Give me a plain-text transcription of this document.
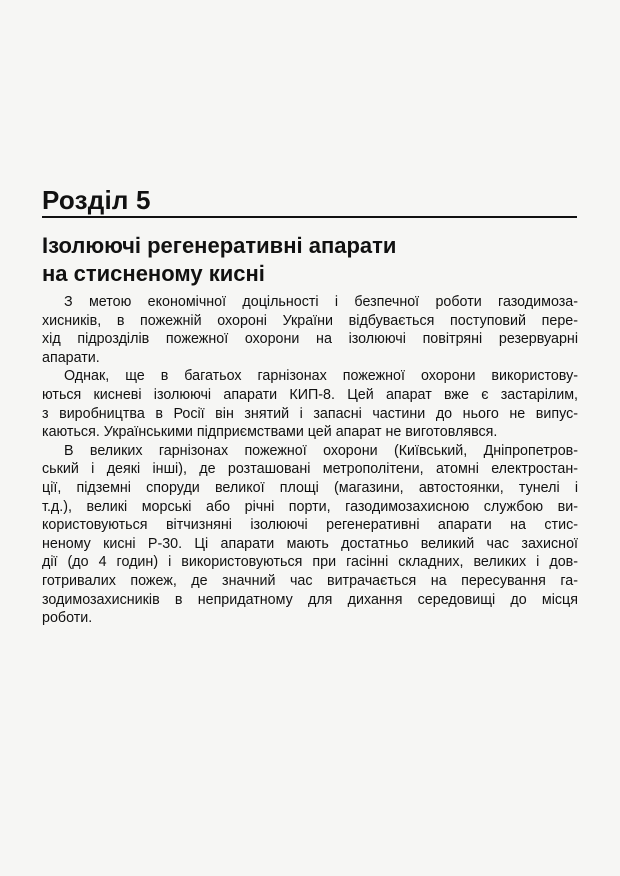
Розділ 5
Ізолюючі регенеративні апарати
на стисненому кисні
З метою економічної доцільності і безпечної роботи газодимоза-
хисників, в пожежній охороні України відбувається поступовий пере-
хід підрозділів пожежної охорони на ізолюючі повітряні резервуарні
апарати.
Однак, ще в багатьох гарнізонах пожежної охорони використову-
ються кисневі ізолюючі апарати КИП-8. Цей апарат вже є застарілим,
з виробництва в Росії він знятий і запасні частини до нього не випус-
каються. Українськими підприємствами цей апарат не виготовлявся.
В великих гарнізонах пожежної охорони (Київський, Дніпропетров-
ський і деякі інші), де розташовані метрополітени, атомні електростан-
ції, підземні споруди великої площі (магазини, автостоянки, тунелі і
т.д.), великі морські або річні порти, газодимозахисною службою ви-
користовуються вітчизняні ізолюючі регенеративні апарати на стис-
неному кисні Р-30. Ці апарати мають достатньо великий час захисної
дії (до 4 годин) і використовуються при гасінні складних, великих і дов-
готривалих пожеж, де значний час витрачається на пересування га-
зодимозахисників в непридатному для дихання середовищі до місця
роботи.
